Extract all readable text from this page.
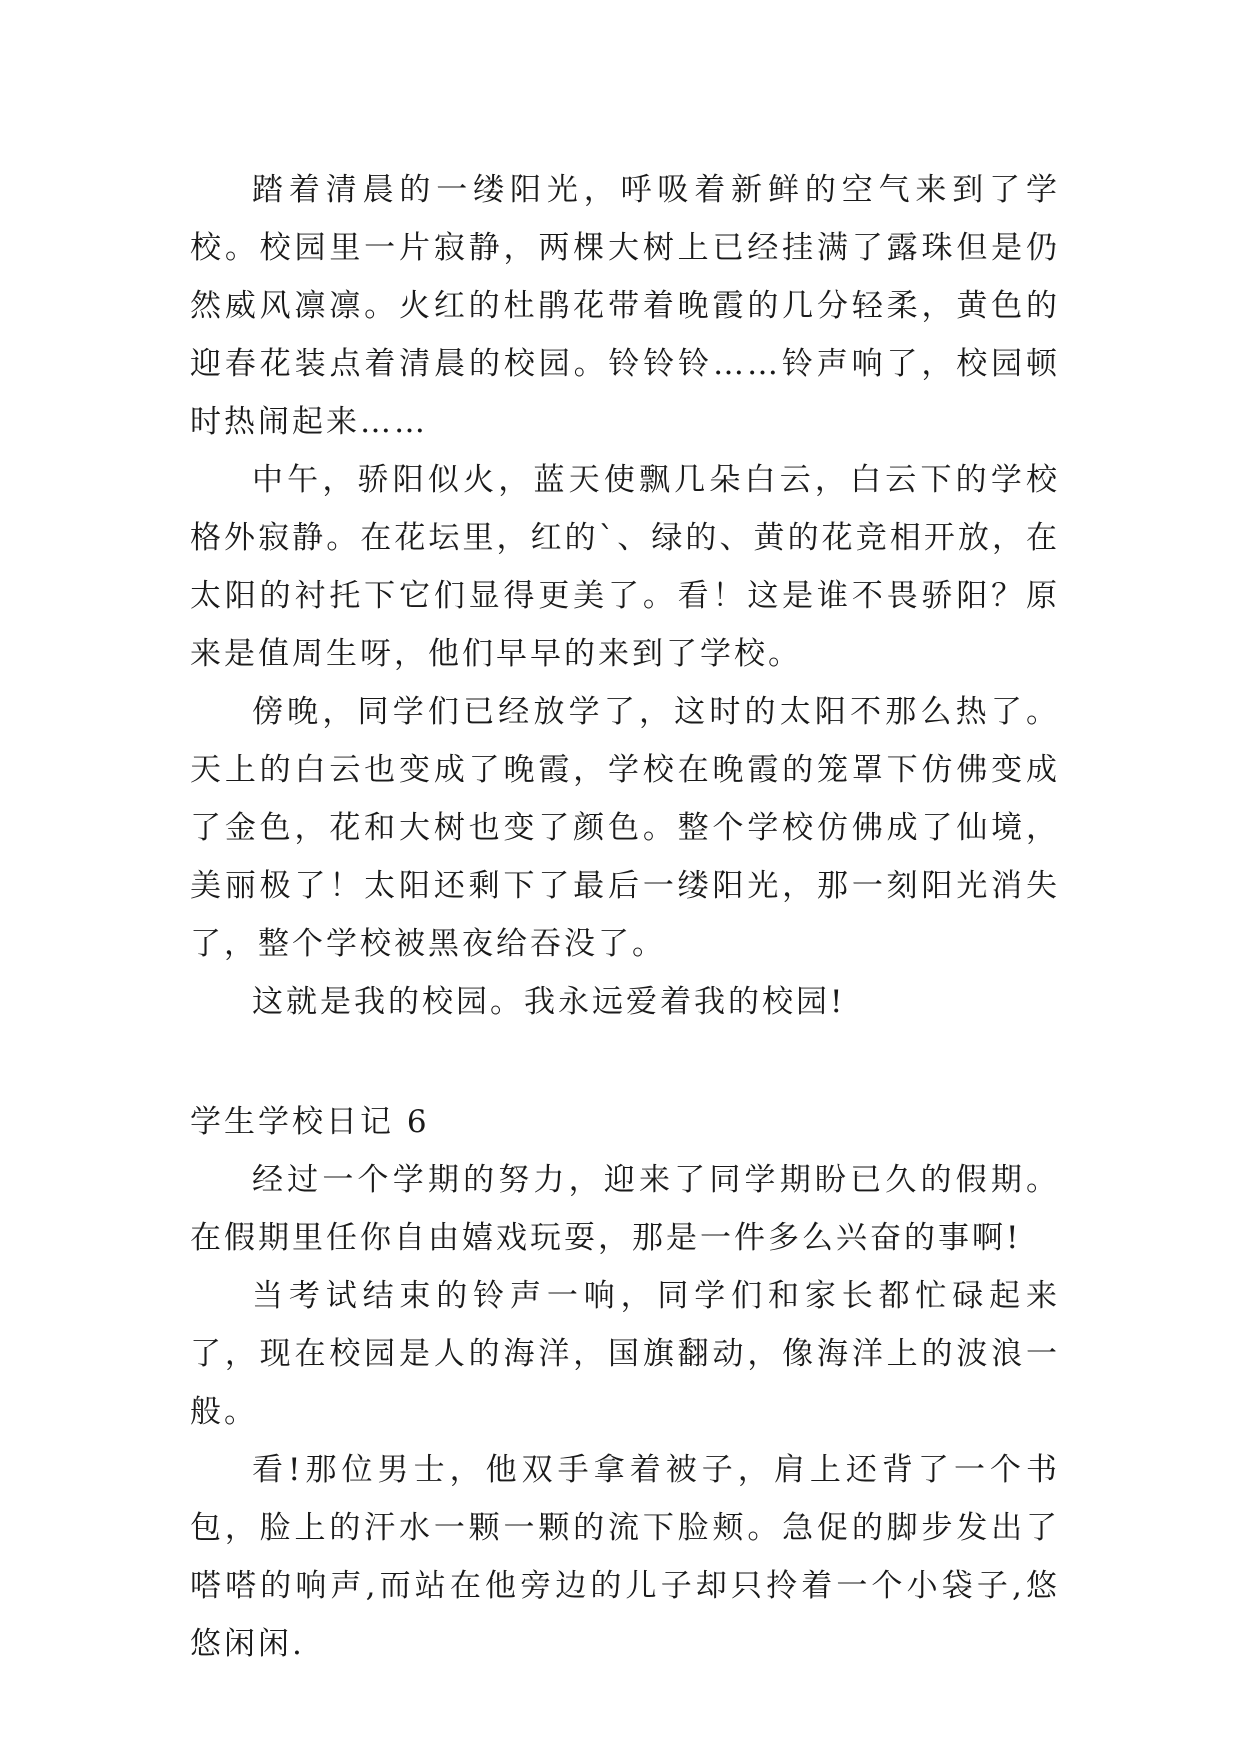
踏着清晨的一缕阳光，呼吸着新鲜的空气来到了学校。校园里一片寂静，两棵大树上已经挂满了露珠但是仍然威风凛凛。火红的杜鹃花带着晚霞的几分轻柔，黄色的迎春花装点着清晨的校园。铃铃铃……铃声响了，校园顿时热闹起来……

中午，骄阳似火，蓝天使飘几朵白云，白云下的学校格外寂静。在花坛里，红的`、绿的、黄的花竞相开放，在太阳的衬托下它们显得更美了。看！这是谁不畏骄阳？原来是值周生呀，他们早早的来到了学校。

傍晚，同学们已经放学了，这时的太阳不那么热了。天上的白云也变成了晚霞，学校在晚霞的笼罩下仿佛变成了金色，花和大树也变了颜色。整个学校仿佛成了仙境，美丽极了！太阳还剩下了最后一缕阳光，那一刻阳光消失了，整个学校被黑夜给吞没了。

这就是我的校园。我永远爱着我的校园!

学生学校日记 6

经过一个学期的努力，迎来了同学期盼已久的假期。在假期里任你自由嬉戏玩耍，那是一件多么兴奋的事啊!

当考试结束的铃声一响，同学们和家长都忙碌起来了，现在校园是人的海洋，国旗翻动，像海洋上的波浪一般。

看!那位男士，他双手拿着被子，肩上还背了一个书包，脸上的汗水一颗一颗的流下脸颊。急促的脚步发出了嗒嗒的响声,而站在他旁边的儿子却只拎着一个小袋子,悠悠闲闲.
